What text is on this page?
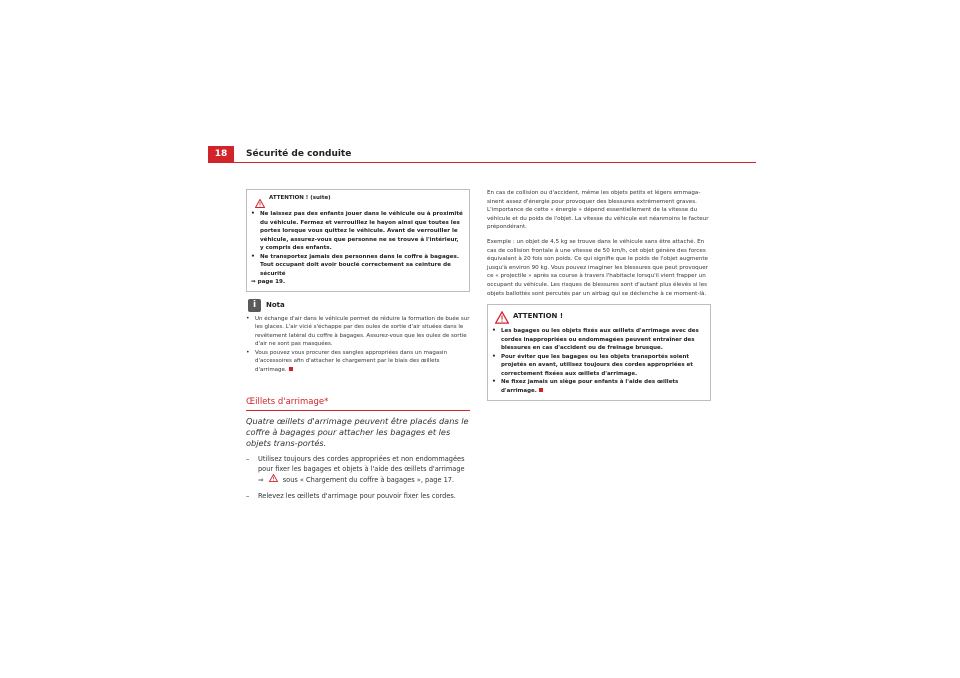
18	Sécurité de conduite
ATTENTION ! (suite)
• Ne laissez pas des enfants jouer dans le véhicule ou à proximité du véhicule. Fermez et verrouillez le hayon ainsi que toutes les portes lorsque vous quittez le véhicule. Avant de verrouiller le véhicule, assurez-vous que personne ne se trouve à l'intérieur, y compris des enfants.
• Ne transportez jamais des personnes dans le coffre à bagages. Tout occupant doit avoir bouclé correctement sa ceinture de sécurité
⇒ page 19.
i	Nota
• Un échange d'air dans le véhicule permet de réduire la formation de buée sur les glaces. L'air vicié s'échappe par des oules de sortie d'air situées dans le revêtement latéral du coffre à bagages. Assurez-vous que les oules de sortie d'air ne sont pas masquées.
• Vous pouvez vous procurer des sangles appropriées dans un magasin d'accessoires afin d'attacher le chargement par le biais des œillets d'arrimage.
Œillets d'arrimage*
Quatre œillets d'arrimage peuvent être placés dans le coffre à bagages pour attacher les bagages et les objets trans-portés.
–	Utilisez toujours des cordes appropriées et non endommagées pour fixer les bagages et objets à l'aide des œillets d'arrimage ⇒	sous « Chargement du coffre à bagages », page 17.
–	Relevez les œillets d'arrimage pour pouvoir fixer les cordes.
En cas de collision ou d'accident, même les objets petits et légers emmaga-sinent assez d'énergie pour provoquer des blessures extrêmement graves. L'importance de cette « énergie » dépend essentiellement de la vitesse du véhicule et du poids de l'objet. La vitesse du véhicule est néanmoins le facteur prépondérant.
Exemple : un objet de 4,5 kg se trouve dans le véhicule sans être attaché. En cas de collision frontale à une vitesse de 50 km/h, cet objet génère des forces équivalant à 20 fois son poids. Ce qui signifie que le poids de l'objet augmente jusqu'à environ 90 kg. Vous pouvez imaginer les blessures que peut provoquer ce « projectile » après sa course à travers l'habitacle lorsqu'il vient frapper un occupant du véhicule. Les risques de blessures sont d'autant plus élevés si les objets ballottés sont percutés par un airbag qui se déclenche à ce moment-là.
ATTENTION !
• Les bagages ou les objets fixés aux œillets d'arrimage avec des cordes inappropriées ou endommagées peuvent entraîner des blessures en cas d'accident ou de freinage brusque.
• Pour éviter que les bagages ou les objets transportés soient projetés en avant, utilisez toujours des cordes appropriées et correctement fixées aux œillets d'arrimage.
• Ne fixez jamais un siège pour enfants à l'aide des œillets d'arrimage.
